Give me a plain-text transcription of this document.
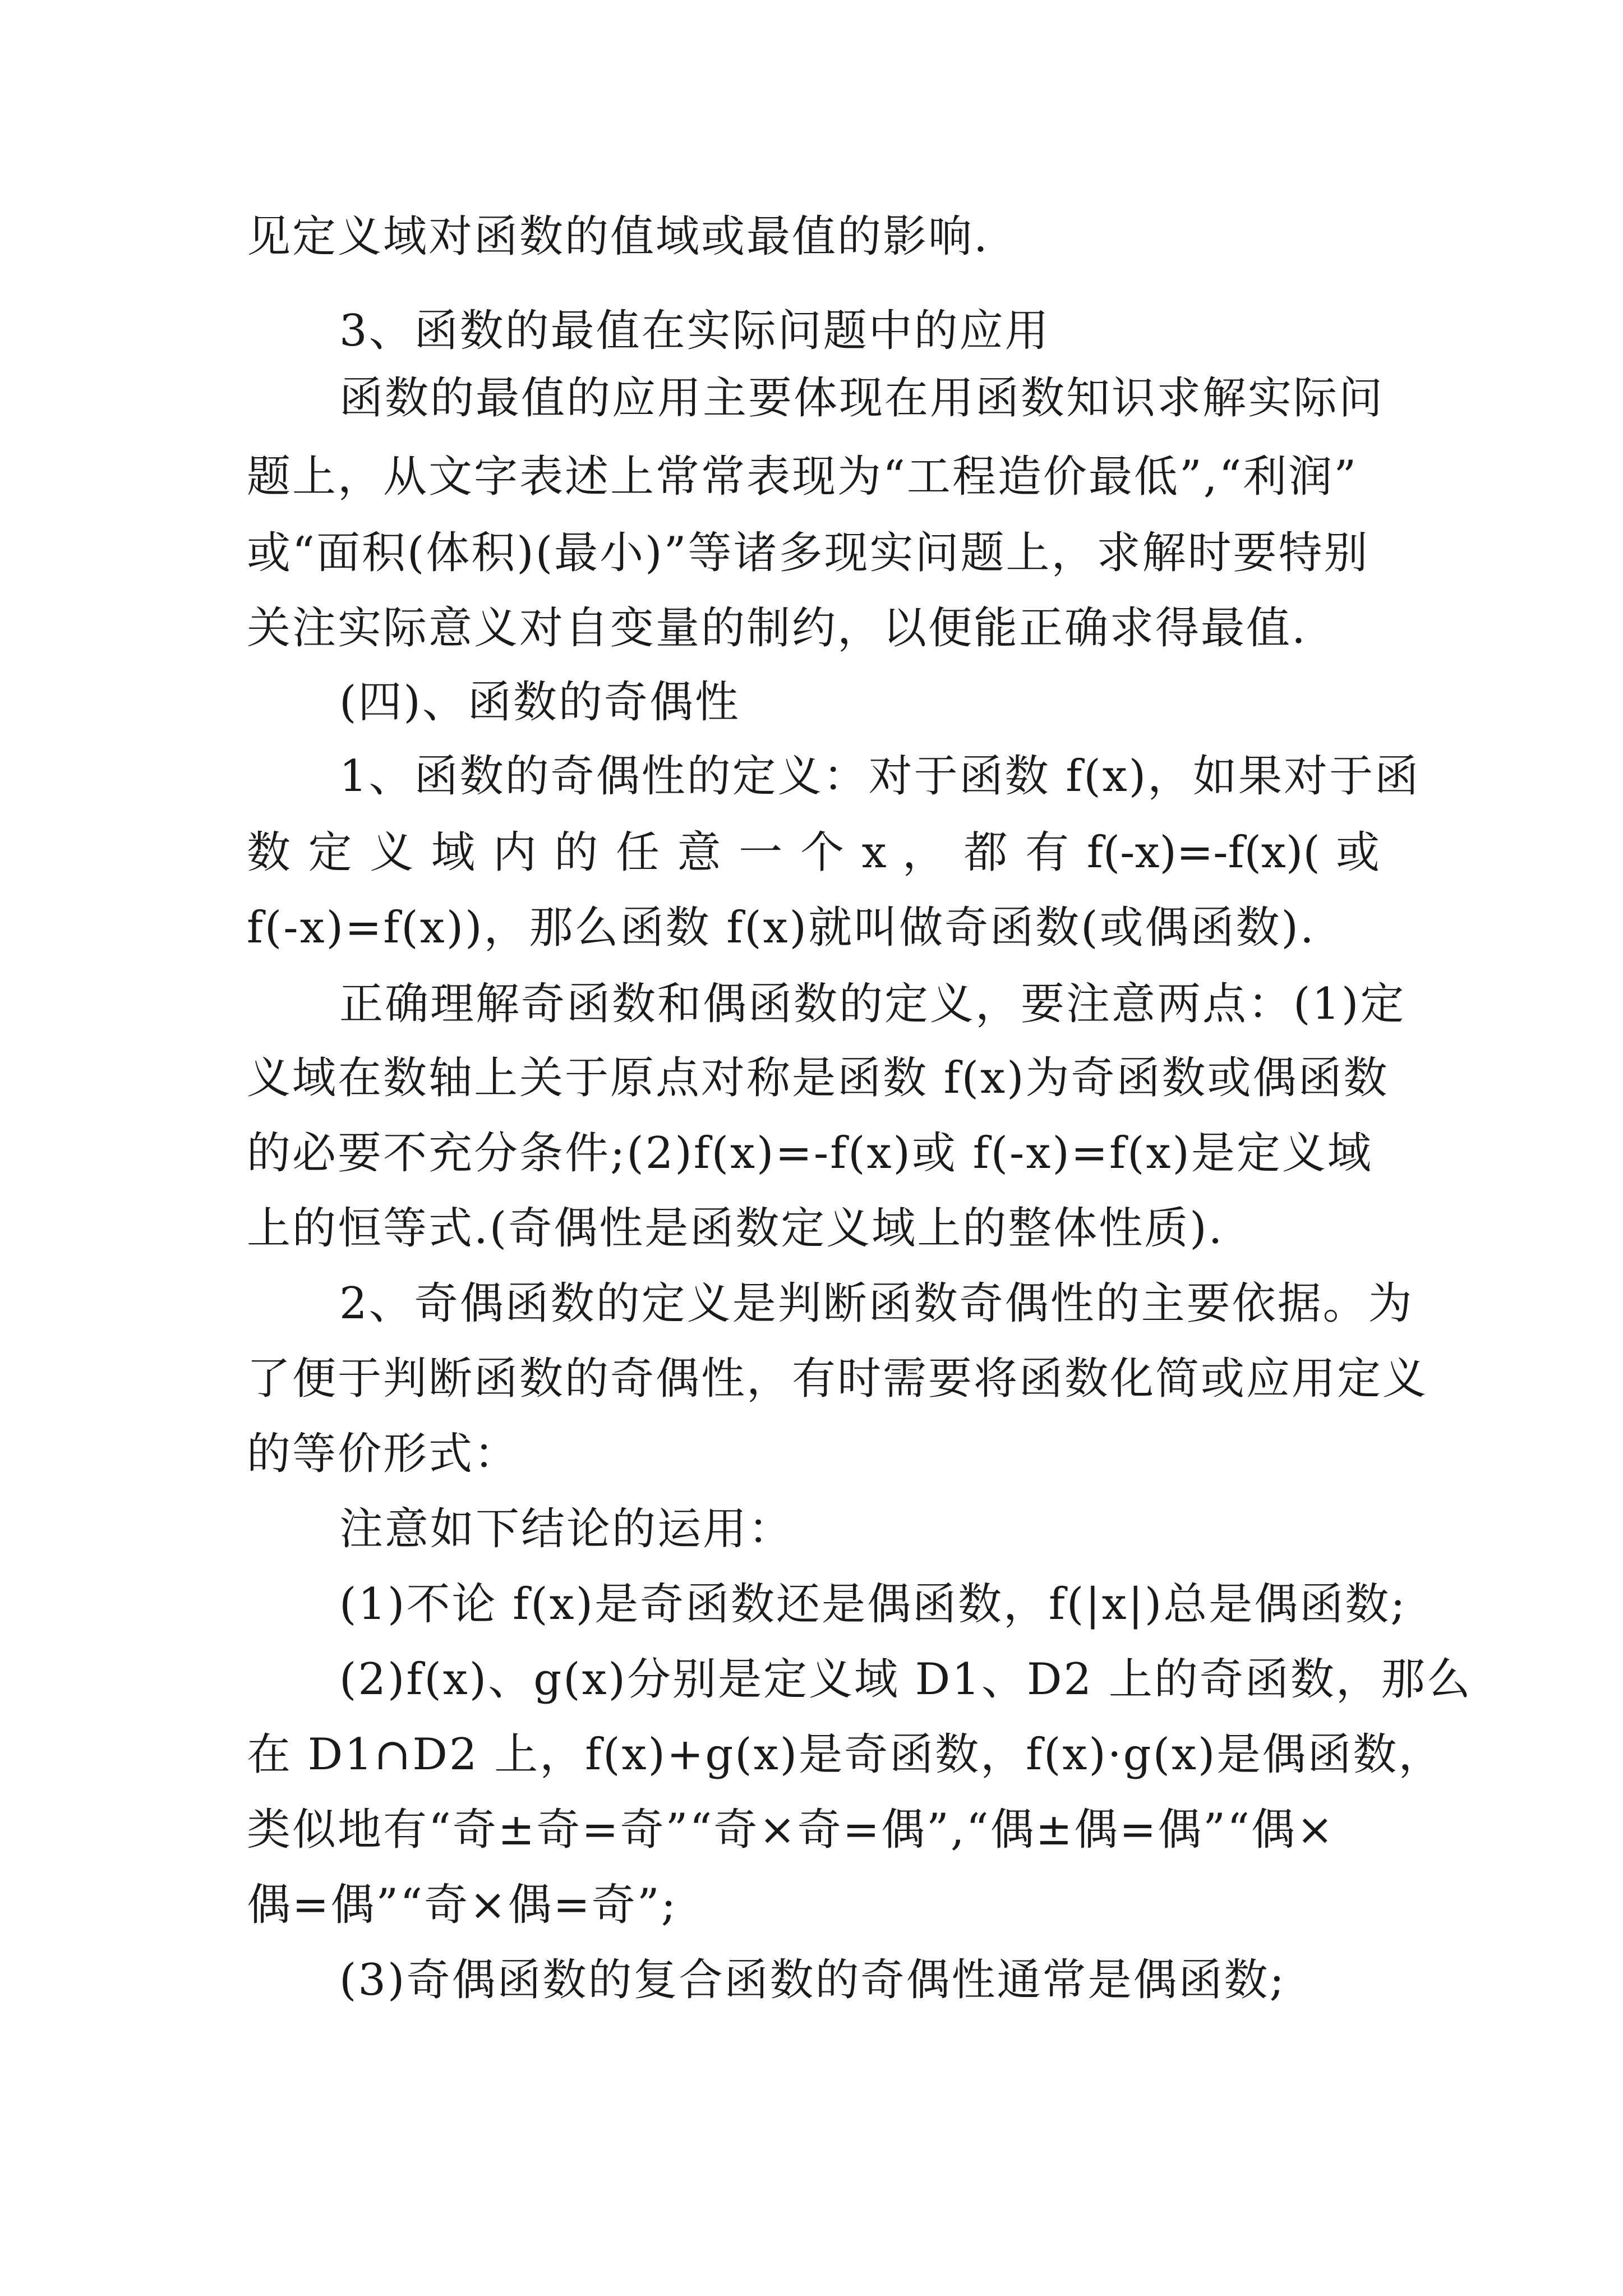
见定义域对函数的值域或最值的影响.
3、函数的最值在实际问题中的应用
函数的最值的应用主要体现在用函数知识求解实际问
题上，从文字表述上常常表现为“工程造价最低”,“利润”
或“面积(体积)(最小)”等诸多现实问题上，求解时要特别
关注实际意义对自变量的制约，以便能正确求得最值.
(四)、函数的奇偶性
1、函数的奇偶性的定义：对于函数 f(x)，如果对于函
数 定 义 域 内 的 任 意 一 个 x ， 都 有 f(-x)=-f(x)( 或
f(-x)=f(x))，那么函数 f(x)就叫做奇函数(或偶函数).
正确理解奇函数和偶函数的定义，要注意两点：(1)定
义域在数轴上关于原点对称是函数 f(x)为奇函数或偶函数
的必要不充分条件;(2)f(x)=-f(x)或 f(-x)=f(x)是定义域
上的恒等式.(奇偶性是函数定义域上的整体性质).
2、奇偶函数的定义是判断函数奇偶性的主要依据。为
了便于判断函数的奇偶性，有时需要将函数化简或应用定义
的等价形式：
注意如下结论的运用：
(1)不论 f(x)是奇函数还是偶函数，f(|x|)总是偶函数;
(2)f(x)、g(x)分别是定义域 D1、D2 上的奇函数，那么
在 D1∩D2 上，f(x)+g(x)是奇函数，f(x)·g(x)是偶函数，
类似地有“奇±奇=奇”“奇×奇=偶”,“偶±偶=偶”“偶×
偶=偶”“奇×偶=奇”;
(3)奇偶函数的复合函数的奇偶性通常是偶函数;
